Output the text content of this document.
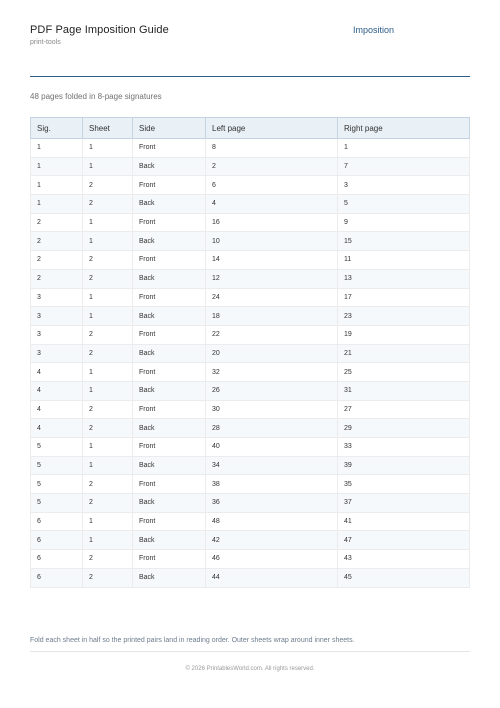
PDF Page Imposition Guide
print-tools
Imposition
48 pages folded in 8-page signatures
Sig.	Sheet	Side	Left page	Right page
1	1	Front	8	1
1	1	Back	2	7
1	2	Front	6	3
1	2	Back	4	5
2	1	Front	16	9
2	1	Back	10	15
2	2	Front	14	11
2	2	Back	12	13
3	1	Front	24	17
3	1	Back	18	23
3	2	Front	22	19
3	2	Back	20	21
4	1	Front	32	25
4	1	Back	26	31
4	2	Front	30	27
4	2	Back	28	29
5	1	Front	40	33
5	1	Back	34	39
5	2	Front	38	35
5	2	Back	36	37
6	1	Front	48	41
6	1	Back	42	47
6	2	Front	46	43
6	2	Back	44	45
Fold each sheet in half so the printed pairs land in reading order. Outer sheets wrap around inner sheets.
© 2026 PrintablesWorld.com. All rights reserved.
